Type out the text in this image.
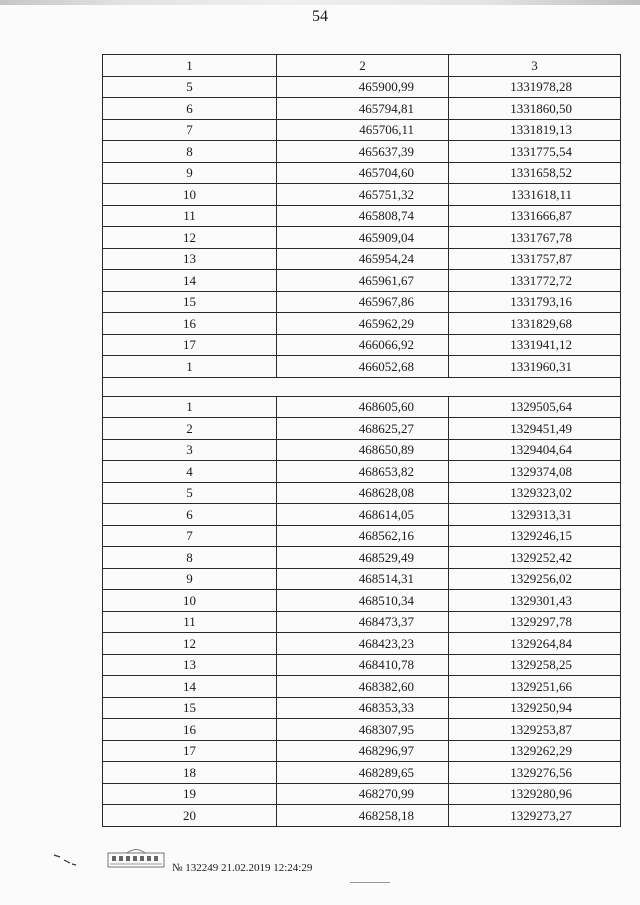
54
1	2	3
5	465900,99	1331978,28
6	465794,81	1331860,50
7	465706,11	1331819,13
8	465637,39	1331775,54
9	465704,60	1331658,52
10	465751,32	1331618,11
11	465808,74	1331666,87
12	465909,04	1331767,78
13	465954,24	1331757,87
14	465961,67	1331772,72
15	465967,86	1331793,16
16	465962,29	1331829,68
17	466066,92	1331941,12
1	466052,68	1331960,31

1	468605,60	1329505,64
2	468625,27	1329451,49
3	468650,89	1329404,64
4	468653,82	1329374,08
5	468628,08	1329323,02
6	468614,05	1329313,31
7	468562,16	1329246,15
8	468529,49	1329252,42
9	468514,31	1329256,02
10	468510,34	1329301,43
11	468473,37	1329297,78
12	468423,23	1329264,84
13	468410,78	1329258,25
14	468382,60	1329251,66
15	468353,33	1329250,94
16	468307,95	1329253,87
17	468296,97	1329262,29
18	468289,65	1329276,56
19	468270,99	1329280,96
20	468258,18	1329273,27
№ 132249 21.02.2019 12:24:29
